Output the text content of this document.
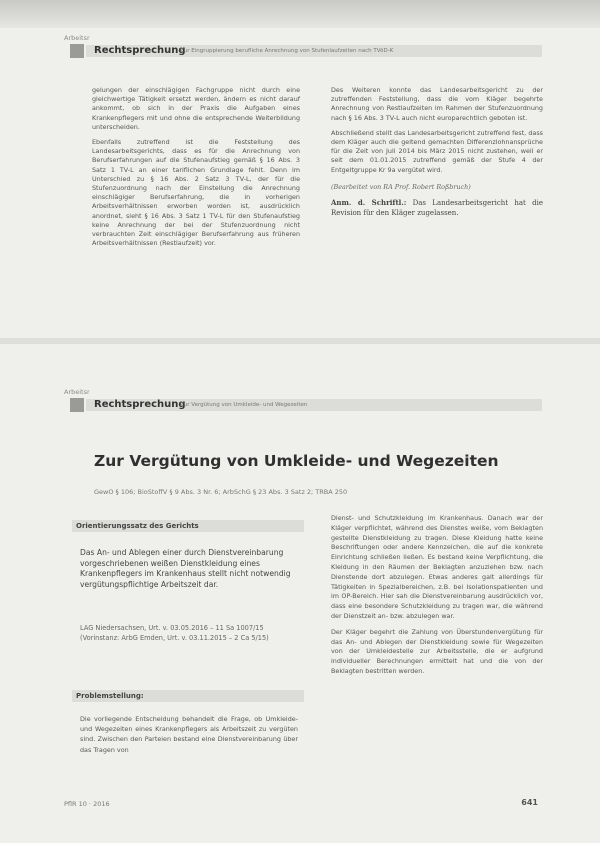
Arbeitsr
Rechtsprechung
Zur Eingruppierung berufliche Anrechnung von Stufenlaufzeiten nach TVöD-K

gelungen der einschlägigen Fachgruppe nicht durch eine gleichwertige Tätigkeit ersetzt werden, ändern es nicht darauf ankommt, ob sich in der Praxis die Aufgaben eines Krankenpflegers mit und ohne die entsprechende Weiterbildung unterscheiden.

Ebenfalls zutreffend ist die Feststellung des Landesarbeitsgerichts, dass es für die Anrechnung von Berufserfahrungen auf die Stufenaufstieg gemäß § 16 Abs. 3 Satz 1 TV-L an einer tariflichen Grundlage fehlt. Denn im Unterschied zu § 16 Abs. 2 Satz 3 TV-L, der für die Stufenzuordnung nach der Einstellung die Anrechnung einschlägiger Berufserfahrung, die in vorherigen Arbeitsverhältnissen erworben worden ist, ausdrücklich anordnet, sieht § 16 Abs. 3 Satz 1 TV-L für den Stufenaufstieg keine Anrechnung der bei der Stufenzuordnung nicht verbrauchten Zeit einschlägiger Berufserfahrung aus früheren Arbeitsverhältnissen (Restlaufzeit) vor.

Des Weiteren konnte das Landesarbeitsgericht zu der zutreffenden Feststellung, dass die vom Kläger begehrte Anrechnung von Restlaufzeiten im Rahmen der Stufenzuordnung nach § 16 Abs. 3 TV-L auch nicht europarechtlich geboten ist.

Abschließend stellt das Landesarbeitsgericht zutreffend fest, dass dem Kläger auch die geltend gemachten Differenzlohnansprüche für die Zeit von Juli 2014 bis März 2015 nicht zustehen, weil er seit dem 01.01.2015 zutreffend gemäß der Stufe 4 der Entgeltgruppe Kr 9a vergütet wird.

(Bearbeitet von RA Prof. Robert Roßbruch)

Anm. d. Schriftl.: Das Landesarbeitsgericht hat die Revision für den Kläger zugelassen.

Arbeitsr
Rechtsprechung
Zur Vergütung von Umkleide- und Wegezeiten
Zur Vergütung von Umkleide- und Wegezeiten
GewO § 106; BioStoffV § 9 Abs. 3 Nr. 6; ArbSchG § 23 Abs. 3 Satz 2; TRBA 250
Orientierungssatz des Gerichts
Das An- und Ablegen einer durch Dienstvereinbarung vorgeschriebenen weißen Dienstkleidung eines Krankenpflegers im Krankenhaus stellt nicht notwendig vergütungspflichtige Arbeitszeit dar.
LAG Niedersachsen, Urt. v. 03.05.2016 – 11 Sa 1007/15 (Vorinstanz: ArbG Emden, Urt. v. 03.11.2015 – 2 Ca 5/15)
Problemstellung:

Die vorliegende Entscheidung behandelt die Frage, ob Umkleide- und Wegezeiten eines Krankenpflegers als Arbeitszeit zu vergüten sind. Zwischen den Parteien bestand eine Dienstvereinbarung über das Tragen von

Dienst- und Schutzkleidung im Krankenhaus. Danach war der Kläger verpflichtet, während des Dienstes weiße, vom Beklagten gestellte Dienstkleidung zu tragen. Diese Kleidung hatte keine Beschriftungen oder andere Kennzeichen, die auf die konkrete Einrichtung schließen ließen. Es bestand keine Verpflichtung, die Kleidung in den Räumen der Beklagten anzuziehen bzw. nach Dienstende dort abzulegen. Etwas anderes galt allerdings für Tätigkeiten in Spezialbereichen, z.B. bei Isolationspatienten und im OP-Bereich. Hier sah die Dienstvereinbarung ausdrücklich vor, dass eine besondere Schutzkleidung zu tragen war, die während der Dienstzeit an- bzw. abzulegen war.

Der Kläger begehrt die Zahlung von Überstundenvergütung für das An- und Ablegen der Dienstkleidung sowie für Wegezeiten von der Umkleidestelle zur Arbeitsstelle, die er aufgrund individueller Berechnungen ermittelt hat und die von der Beklagten bestritten werden.

PflR 10 · 2016	641
